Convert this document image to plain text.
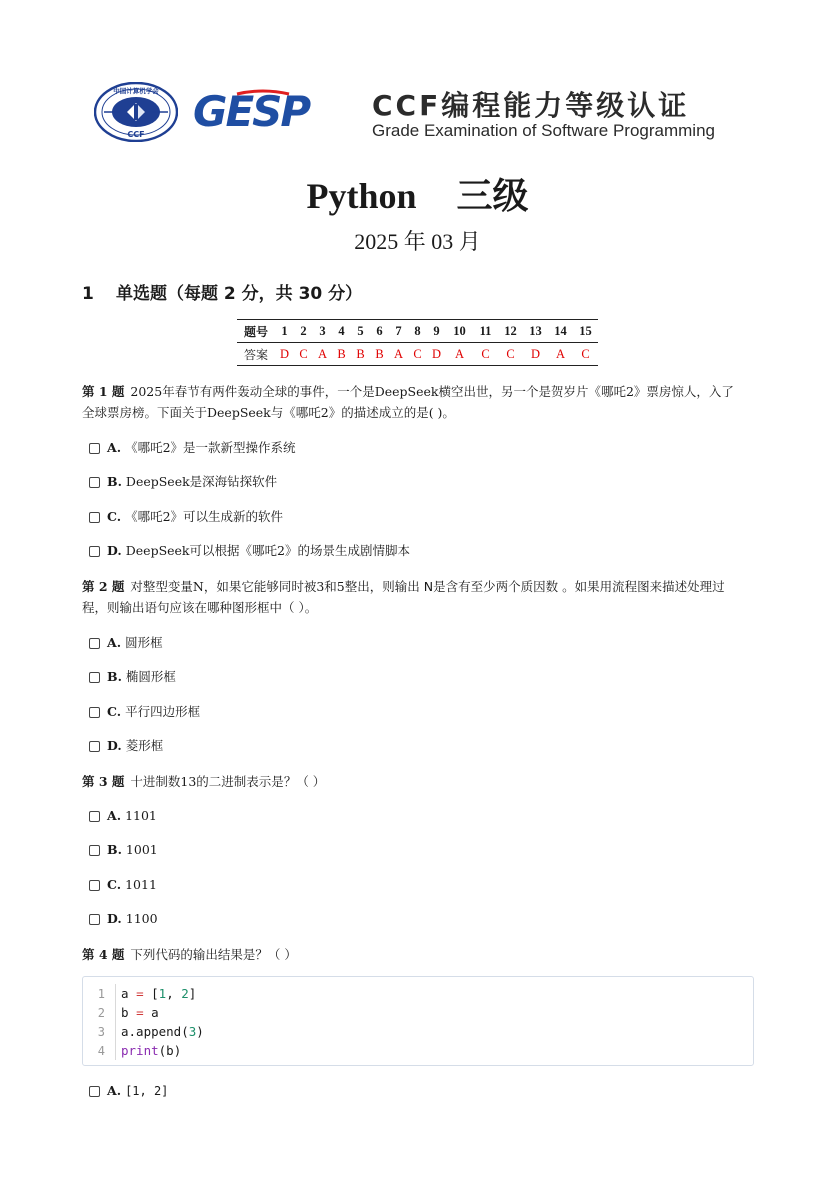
中国计算机学会
CCF GESP CCF编程能力等级认证
Grade Examination of Software Programming
Python 三级
2025 年 03 月
1 单选题（每题 2 分，共 30 分）
题号	1	2	3	4	5	6	7	8	9	10	11	12	13	14	15
答案	D	C	A	B	B	B	A	C	D	A	C	C	D	A	C
第 1 题 2025年春节有两件轰动全球的事件，一个是DeepSeek横空出世，另一个是贺岁片《哪吒2》票房惊人，入了
全球票房榜。下面关于DeepSeek与《哪吒2》的描述成立的是( )。
A. 《哪吒2》是一款新型操作系统
B. DeepSeek是深海钻探软件
C. 《哪吒2》可以生成新的软件
D. DeepSeek可以根据《哪吒2》的场景生成剧情脚本
第 2 题 对整型变量N，如果它能够同时被3和5整出，则输出 N是含有至少两个质因数 。如果用流程图来描述处理过
程，则输出语句应该在哪种图形框中（ ）。
A. 圆形框
B. 椭圆形框
C. 平行四边形框
D. 菱形框
第 3 题 十进制数13的二进制表示是？（ ）
A. 1101
B. 1001
C. 1011
D. 1100
第 4 题 下列代码的输出结果是？（ ）
1 a = [ 1 , 2 ]
2 b = a
3 a.append( 3 )
4 print (b)
A. [1, 2]
